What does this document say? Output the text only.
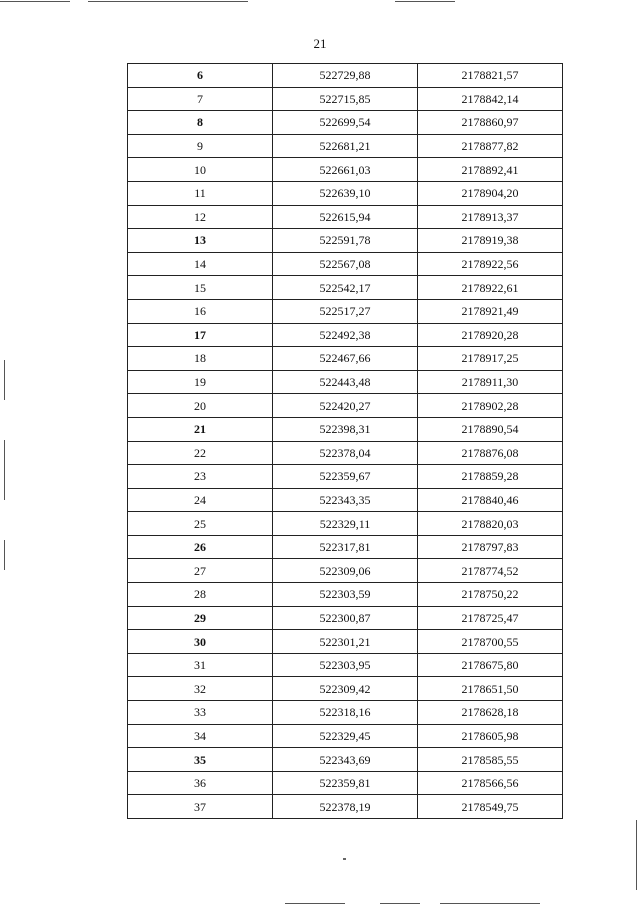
21
6	522729,88	2178821,57
7	522715,85	2178842,14
8	522699,54	2178860,97
9	522681,21	2178877,82
10	522661,03	2178892,41
11	522639,10	2178904,20
12	522615,94	2178913,37
13	522591,78	2178919,38
14	522567,08	2178922,56
15	522542,17	2178922,61
16	522517,27	2178921,49
17	522492,38	2178920,28
18	522467,66	2178917,25
19	522443,48	2178911,30
20	522420,27	2178902,28
21	522398,31	2178890,54
22	522378,04	2178876,08
23	522359,67	2178859,28
24	522343,35	2178840,46
25	522329,11	2178820,03
26	522317,81	2178797,83
27	522309,06	2178774,52
28	522303,59	2178750,22
29	522300,87	2178725,47
30	522301,21	2178700,55
31	522303,95	2178675,80
32	522309,42	2178651,50
33	522318,16	2178628,18
34	522329,45	2178605,98
35	522343,69	2178585,55
36	522359,81	2178566,56
37	522378,19	2178549,75
